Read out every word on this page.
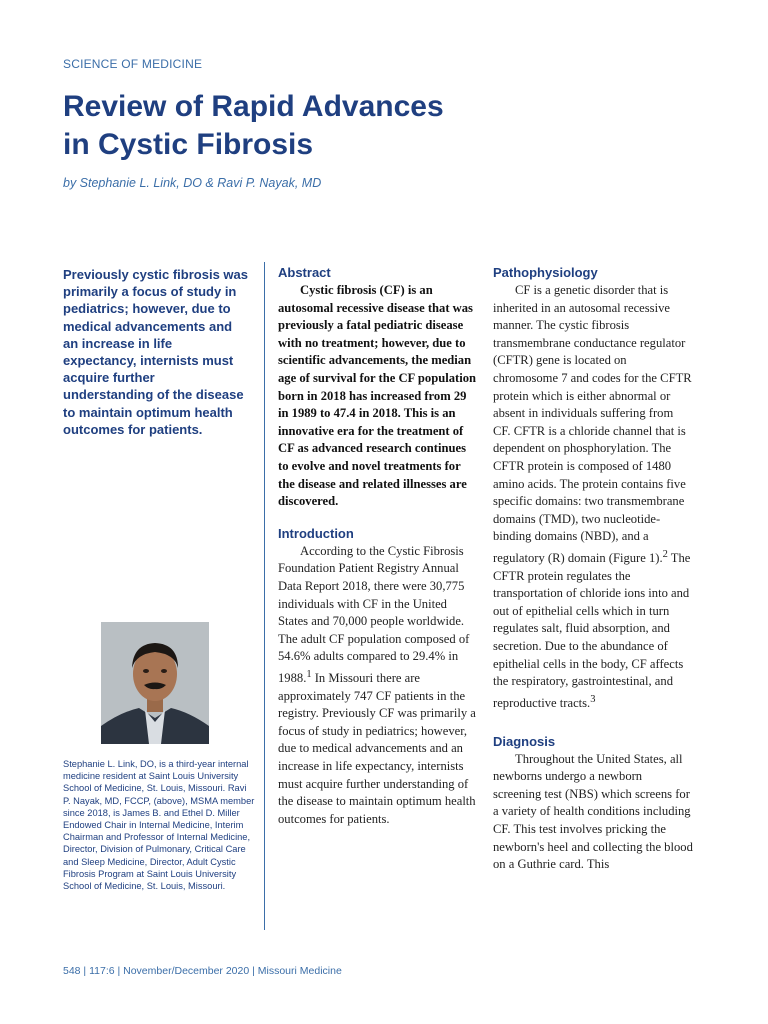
SCIENCE OF MEDICINE
Review of Rapid Advances
in Cystic Fibrosis
by Stephanie L. Link, DO & Ravi P. Nayak, MD
Previously cystic fibrosis was primarily a focus of study in pediatrics; however, due to medical advancements and an increase in life expectancy, internists must acquire further understanding of the disease to maintain optimum health outcomes for patients.
Stephanie L. Link, DO, is a third-year internal medicine resident at Saint Louis University School of Medicine, St. Louis, Missouri. Ravi P. Nayak, MD, FCCP, (above), MSMA member since 2018, is James B. and Ethel D. Miller Endowed Chair in Internal Medicine, Interim Chairman and Professor of Internal Medicine, Director, Division of Pulmonary, Critical Care and Sleep Medicine, Director, Adult Cystic Fibrosis Program at Saint Louis University School of Medicine, St. Louis, Missouri.
Abstract

Cystic fibrosis (CF) is an autosomal recessive disease that was previously a fatal pediatric disease with no treatment; however, due to scientific advancements, the median age of survival for the CF population born in 2018 has increased from 29 in 1989 to 47.4 in 2018. This is an innovative era for the treatment of CF as advanced research continues to evolve and novel treatments for the disease and related illnesses are discovered.

Introduction

According to the Cystic Fibrosis Foundation Patient Registry Annual Data Report 2018, there were 30,775 individuals with CF in the United States and 70,000 people worldwide. The adult CF population composed of 54.6% adults compared to 29.4% in 1988.$^1$ In Missouri there are approximately 747 CF patients in the registry. Previously CF was primarily a focus of study in pediatrics; however, due to medical advancements and an increase in life expectancy, internists must acquire further understanding of the disease to maintain optimum health outcomes for patients.

Pathophysiology

CF is a genetic disorder that is inherited in an autosomal recessive manner. The cystic fibrosis transmembrane conductance regulator (CFTR) gene is located on chromosome 7 and codes for the CFTR protein which is either abnormal or absent in individuals suffering from CF. CFTR is a chloride channel that is dependent on phosphorylation. The CFTR protein is composed of 1480 amino acids. The protein contains five specific domains: two transmembrane domains (TMD), two nucleotide-binding domains (NBD), and a regulatory (R) domain (Figure 1).$^2$ The CFTR protein regulates the transportation of chloride ions into and out of epithelial cells which in turn regulates salt, fluid absorption, and secretion. Due to the abundance of epithelial cells in the body, CF affects the respiratory, gastrointestinal, and reproductive tracts.$^3$

Diagnosis

Throughout the United States, all newborns undergo a newborn screening test (NBS) which screens for a variety of health conditions including CF. This test involves pricking the newborn's heel and collecting the blood on a Guthrie card. This

548 | 117:6 | November/December 2020 | Missouri Medicine
